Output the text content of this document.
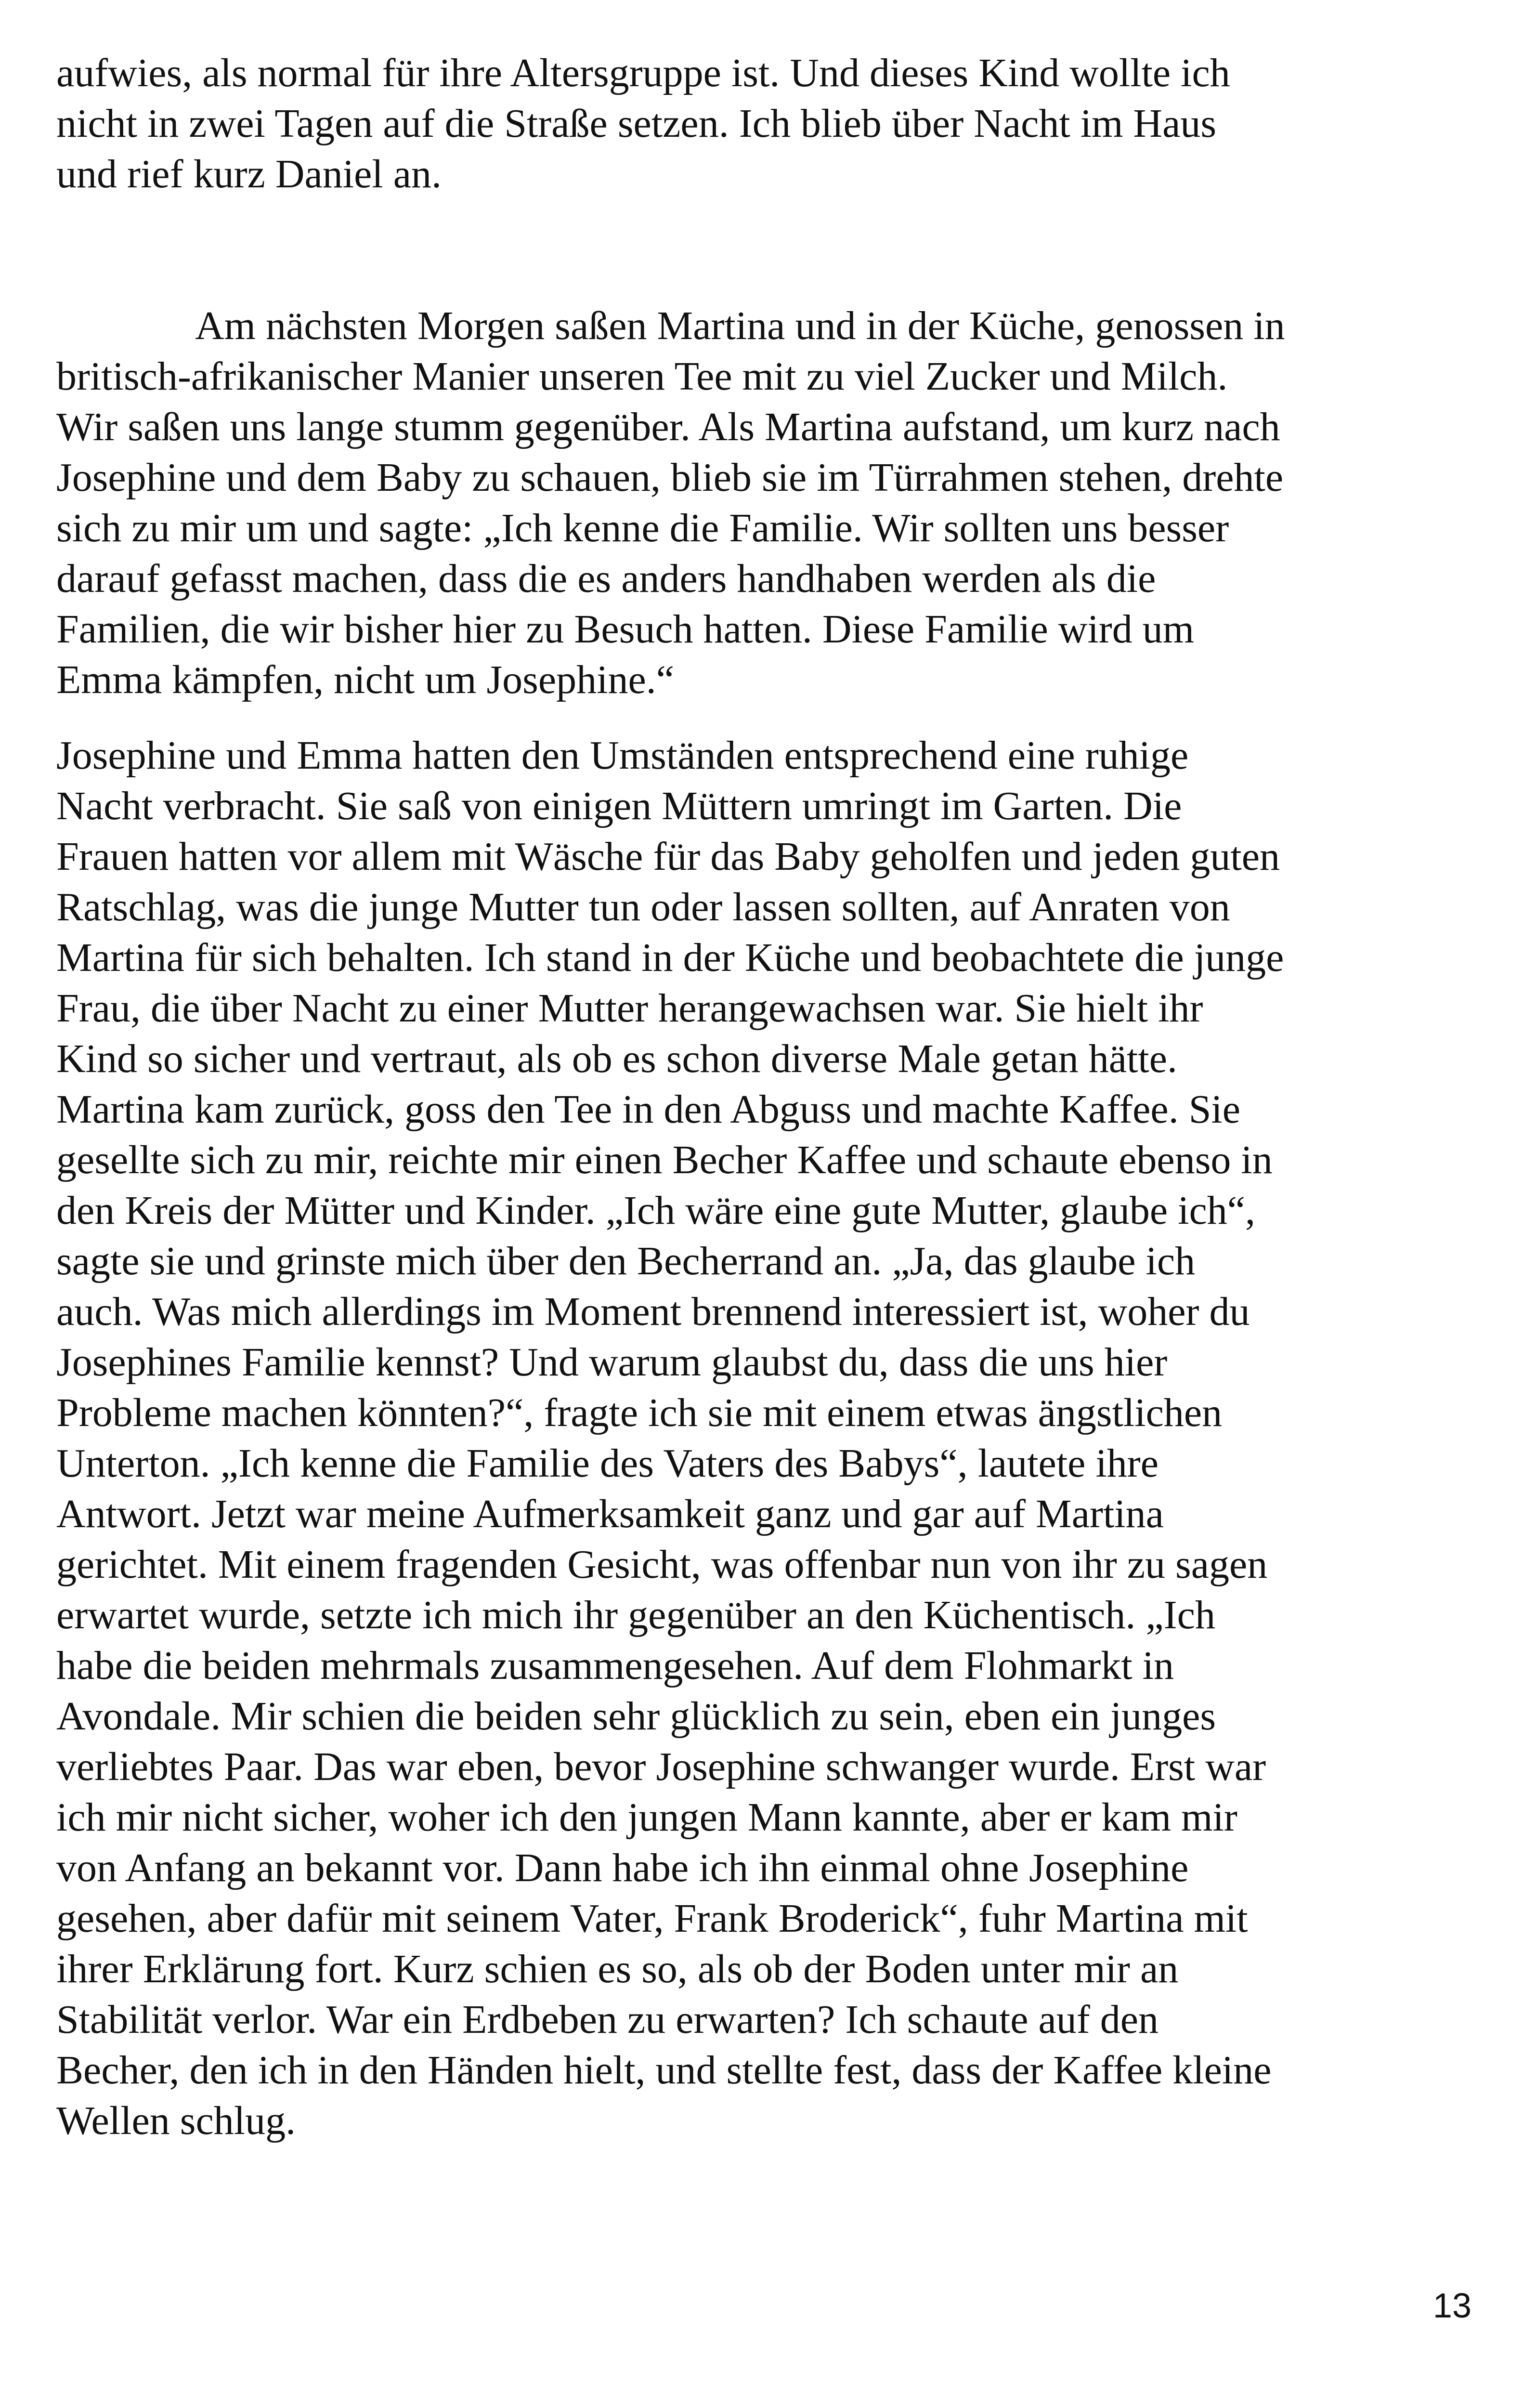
aufwies, als normal für ihre Altersgruppe ist. Und dieses Kind wollte ich
nicht in zwei Tagen auf die Straße setzen. Ich blieb über Nacht im Haus
und rief kurz Daniel an.

Am nächsten Morgen saßen Martina und in der Küche, genossen in
britisch-afrikanischer Manier unseren Tee mit zu viel Zucker und Milch.
Wir saßen uns lange stumm gegenüber. Als Martina aufstand, um kurz nach
Josephine und dem Baby zu schauen, blieb sie im Türrahmen stehen, drehte
sich zu mir um und sagte: „Ich kenne die Familie. Wir sollten uns besser
darauf gefasst machen, dass die es anders handhaben werden als die
Familien, die wir bisher hier zu Besuch hatten. Diese Familie wird um
Emma kämpfen, nicht um Josephine.“

Josephine und Emma hatten den Umständen entsprechend eine ruhige
Nacht verbracht. Sie saß von einigen Müttern umringt im Garten. Die
Frauen hatten vor allem mit Wäsche für das Baby geholfen und jeden guten
Ratschlag, was die junge Mutter tun oder lassen sollten, auf Anraten von
Martina für sich behalten. Ich stand in der Küche und beobachtete die junge
Frau, die über Nacht zu einer Mutter herangewachsen war. Sie hielt ihr
Kind so sicher und vertraut, als ob es schon diverse Male getan hätte.
Martina kam zurück, goss den Tee in den Abguss und machte Kaffee. Sie
gesellte sich zu mir, reichte mir einen Becher Kaffee und schaute ebenso in
den Kreis der Mütter und Kinder. „Ich wäre eine gute Mutter, glaube ich“,
sagte sie und grinste mich über den Becherrand an. „Ja, das glaube ich
auch. Was mich allerdings im Moment brennend interessiert ist, woher du
Josephines Familie kennst? Und warum glaubst du, dass die uns hier
Probleme machen könnten?“, fragte ich sie mit einem etwas ängstlichen
Unterton. „Ich kenne die Familie des Vaters des Babys“, lautete ihre
Antwort. Jetzt war meine Aufmerksamkeit ganz und gar auf Martina
gerichtet. Mit einem fragenden Gesicht, was offenbar nun von ihr zu sagen
erwartet wurde, setzte ich mich ihr gegenüber an den Küchentisch. „Ich
habe die beiden mehrmals zusammengesehen. Auf dem Flohmarkt in
Avondale. Mir schien die beiden sehr glücklich zu sein, eben ein junges
verliebtes Paar. Das war eben, bevor Josephine schwanger wurde. Erst war
ich mir nicht sicher, woher ich den jungen Mann kannte, aber er kam mir
von Anfang an bekannt vor. Dann habe ich ihn einmal ohne Josephine
gesehen, aber dafür mit seinem Vater, Frank Broderick“, fuhr Martina mit
ihrer Erklärung fort. Kurz schien es so, als ob der Boden unter mir an
Stabilität verlor. War ein Erdbeben zu erwarten? Ich schaute auf den
Becher, den ich in den Händen hielt, und stellte fest, dass der Kaffee kleine
Wellen schlug.

13
